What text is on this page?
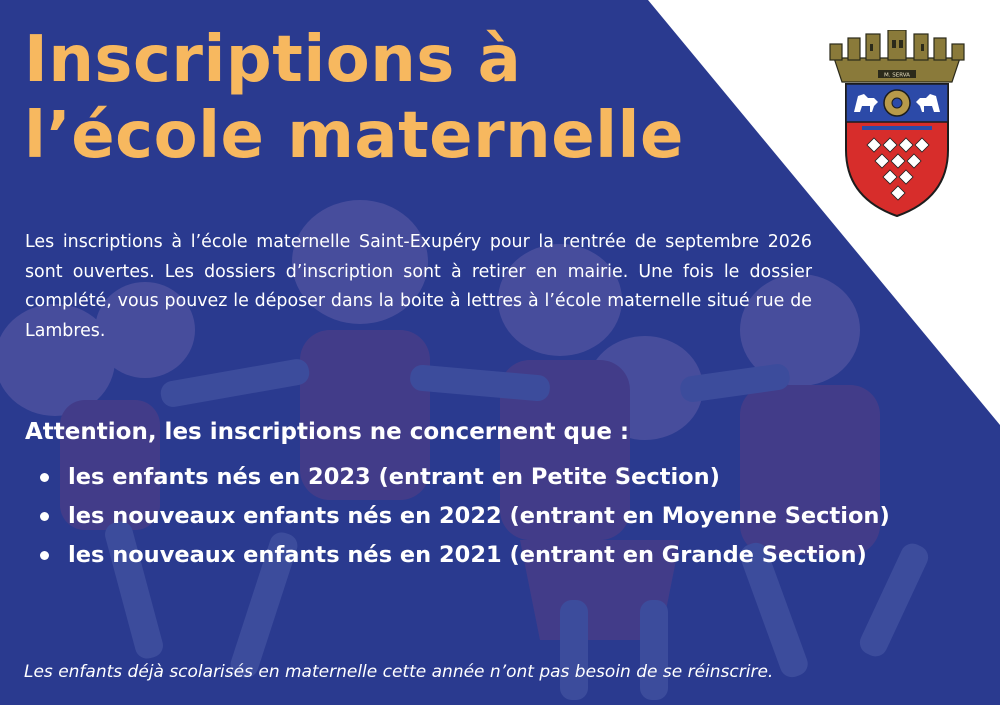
Inscriptions à
l’école maternelle
M. SERVA

Les inscriptions à l’école maternelle Saint-Exupéry pour la rentrée de septembre 2026 sont ouvertes. Les dossiers d’inscription sont à retirer en mairie. Une fois le dossier complété, vous pouvez le déposer dans la boite à lettres à l’école maternelle situé rue de Lambres.

Attention, les inscriptions ne concernent que :

les enfants nés en 2023 (entrant en Petite Section)
les nouveaux enfants nés en 2022 (entrant en Moyenne Section)
les nouveaux enfants nés en 2021 (entrant en Grande Section)

Les enfants déjà scolarisés en maternelle cette année n’ont pas besoin de se réinscrire.
